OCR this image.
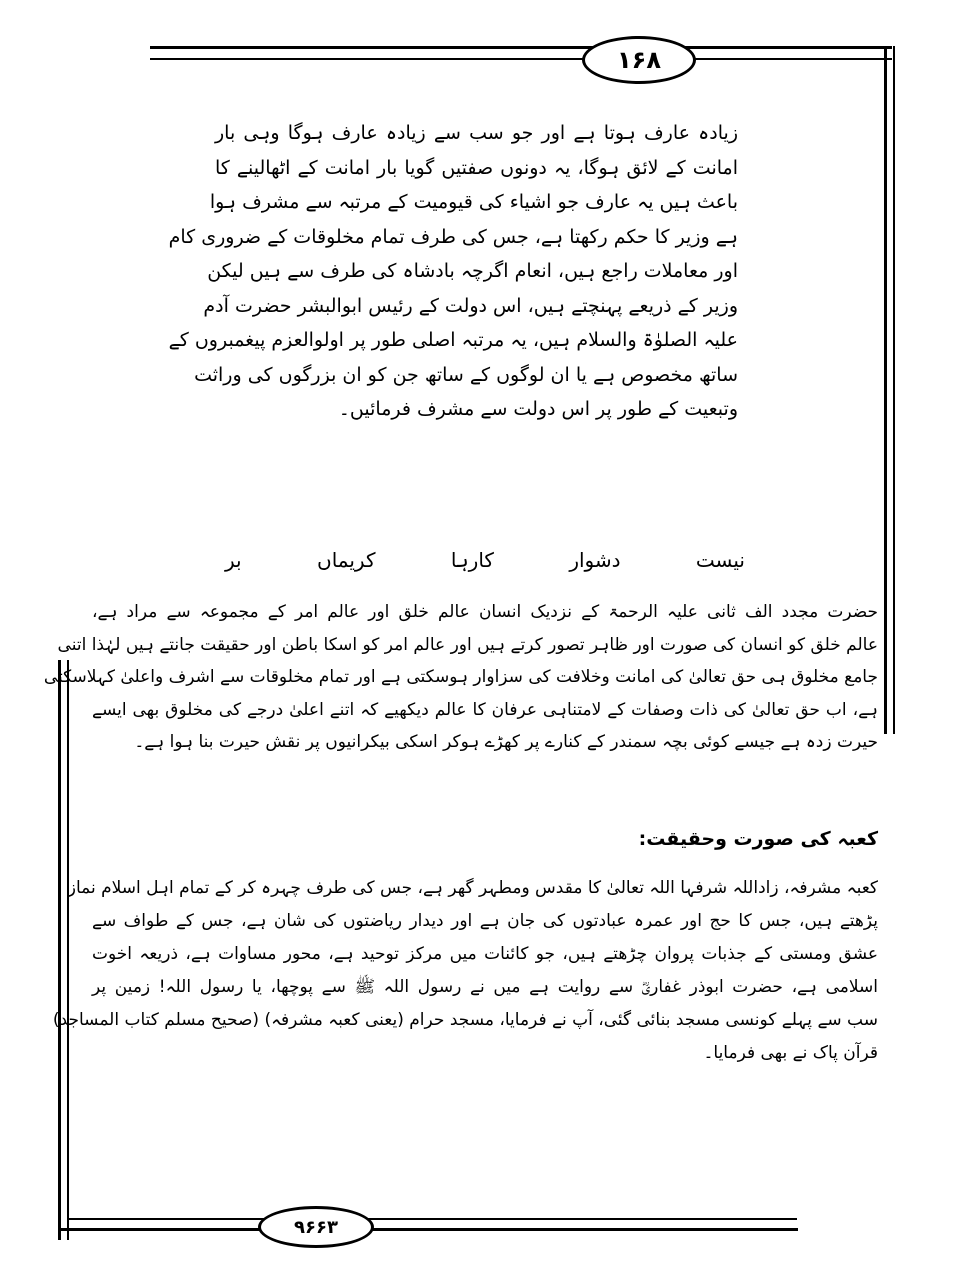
۱۶۸
۹۶۶۳
زیادہ عارف ہوتا ہے اور جو سب سے زیادہ عارف ہوگا وہی بار
امانت کے لائق ہوگا، یہ دونوں صفتیں گویا بار امانت کے اٹھالینے کا
باعث ہیں یہ عارف جو اشیاء کی قیومیت کے مرتبہ سے مشرف ہوا
ہے وزیر کا حکم رکھتا ہے، جس کی طرف تمام مخلوقات کے ضروری کام
اور معاملات راجع ہیں، انعام اگرچہ بادشاہ کی طرف سے ہیں لیکن
وزیر کے ذریعے پہنچتے ہیں، اس دولت کے رئیس ابوالبشر حضرت آدم
علیہ الصلوٰۃ والسلام ہیں، یہ مرتبہ اصلی طور پر اولوالعزم پیغمبروں کے
ساتھ مخصوص ہے یا ان لوگوں کے ساتھ جن کو ان بزرگوں کی وراثت
وتبعیت کے طور پر اس دولت سے مشرف فرمائیں۔
بر	کریماں	کارہا	دشوار	نیست
حضرت مجدد الف ثانی علیہ الرحمۃ کے نزدیک انسان عالم خلق اور عالم امر کے مجموعہ سے مراد ہے،
عالم خلق کو انسان کی صورت اور ظاہر تصور کرتے ہیں اور عالم امر کو اسکا باطن اور حقیقت جانتے ہیں لہٰذا اتنی
جامع مخلوق ہی حق تعالیٰ کی امانت وخلافت کی سزاوار ہوسکتی ہے اور تمام مخلوقات سے اشرف واعلیٰ کہلاسکتی
ہے، اب حق تعالیٰ کی ذات وصفات کے لامتناہی عرفان کا عالم دیکھیے کہ اتنے اعلیٰ درجے کی مخلوق بھی ایسے
حیرت زدہ ہے جیسے کوئی بچہ سمندر کے کنارے پر کھڑے ہوکر اسکی بیکرانیوں پر نقش حیرت بنا ہوا ہے۔
کعبہ کی صورت وحقیقت:
کعبہ مشرفہ، زاداللہ شرفہا اللہ تعالیٰ کا مقدس ومطہر گھر ہے، جس کی طرف چہرہ کر کے تمام اہل اسلام نماز
پڑھتے ہیں، جس کا حج اور عمرہ عبادتوں کی جان ہے اور دیدار ریاضتوں کی شان ہے، جس کے طواف سے
عشق ومستی کے جذبات پروان چڑھتے ہیں، جو کائنات میں مرکز توحید ہے، محور مساوات ہے، ذریعہ اخوت
اسلامی ہے، حضرت ابوذر غفاریؓ سے روایت ہے میں نے رسول اللہ ﷺ سے پوچھا، یا رسول اللہ! زمین پر
سب سے پہلے کونسی مسجد بنائی گئی، آپ نے فرمایا، مسجد حرام (یعنی کعبہ مشرفہ) (صحیح مسلم کتاب المساجد)
قرآن پاک نے بھی فرمایا۔
